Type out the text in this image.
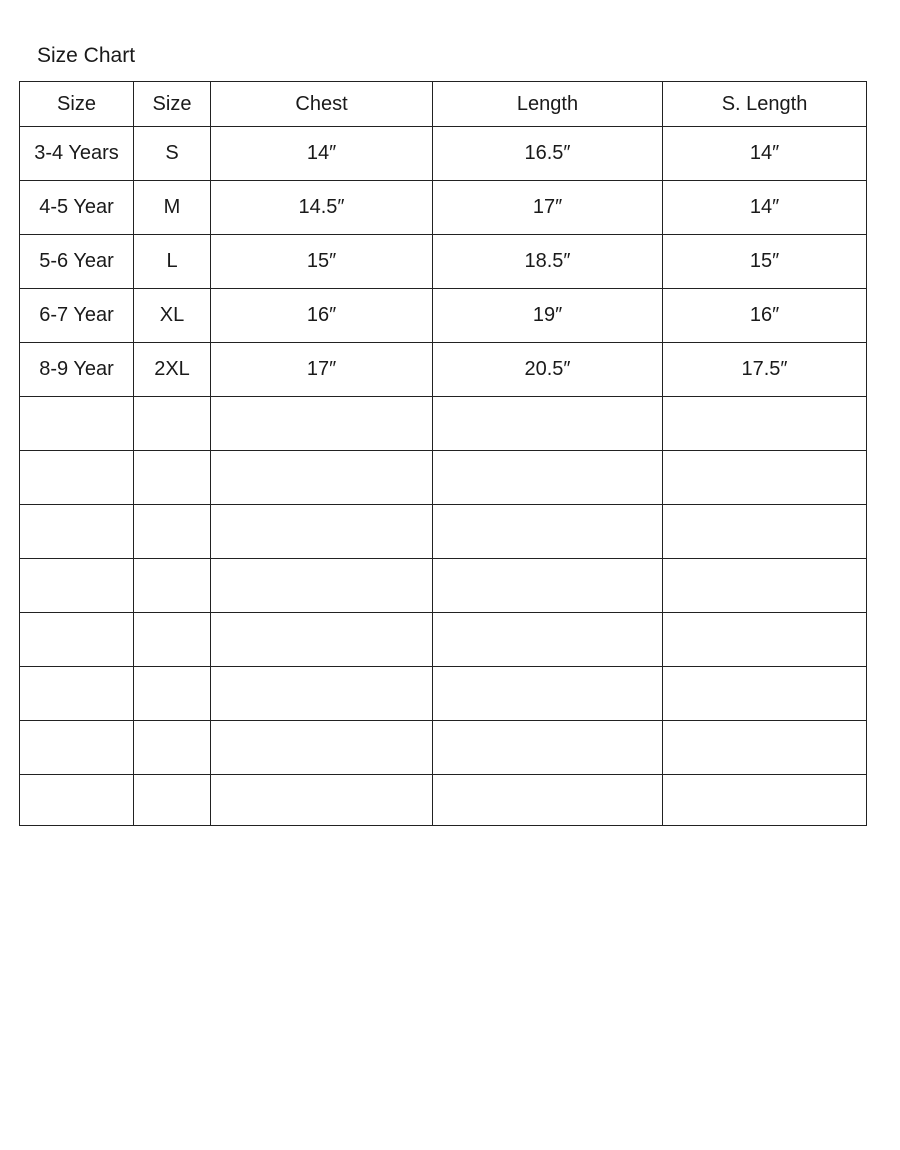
Size Chart
Size	Size	Chest	Length	S. Length
3-4 Years	S	14″	16.5″	14″
4-5 Year	M	14.5″	17″	14″
5-6 Year	L	15″	18.5″	15″
6-7 Year	XL	16″	19″	16″
8-9 Year	2XL	17″	20.5″	17.5″
